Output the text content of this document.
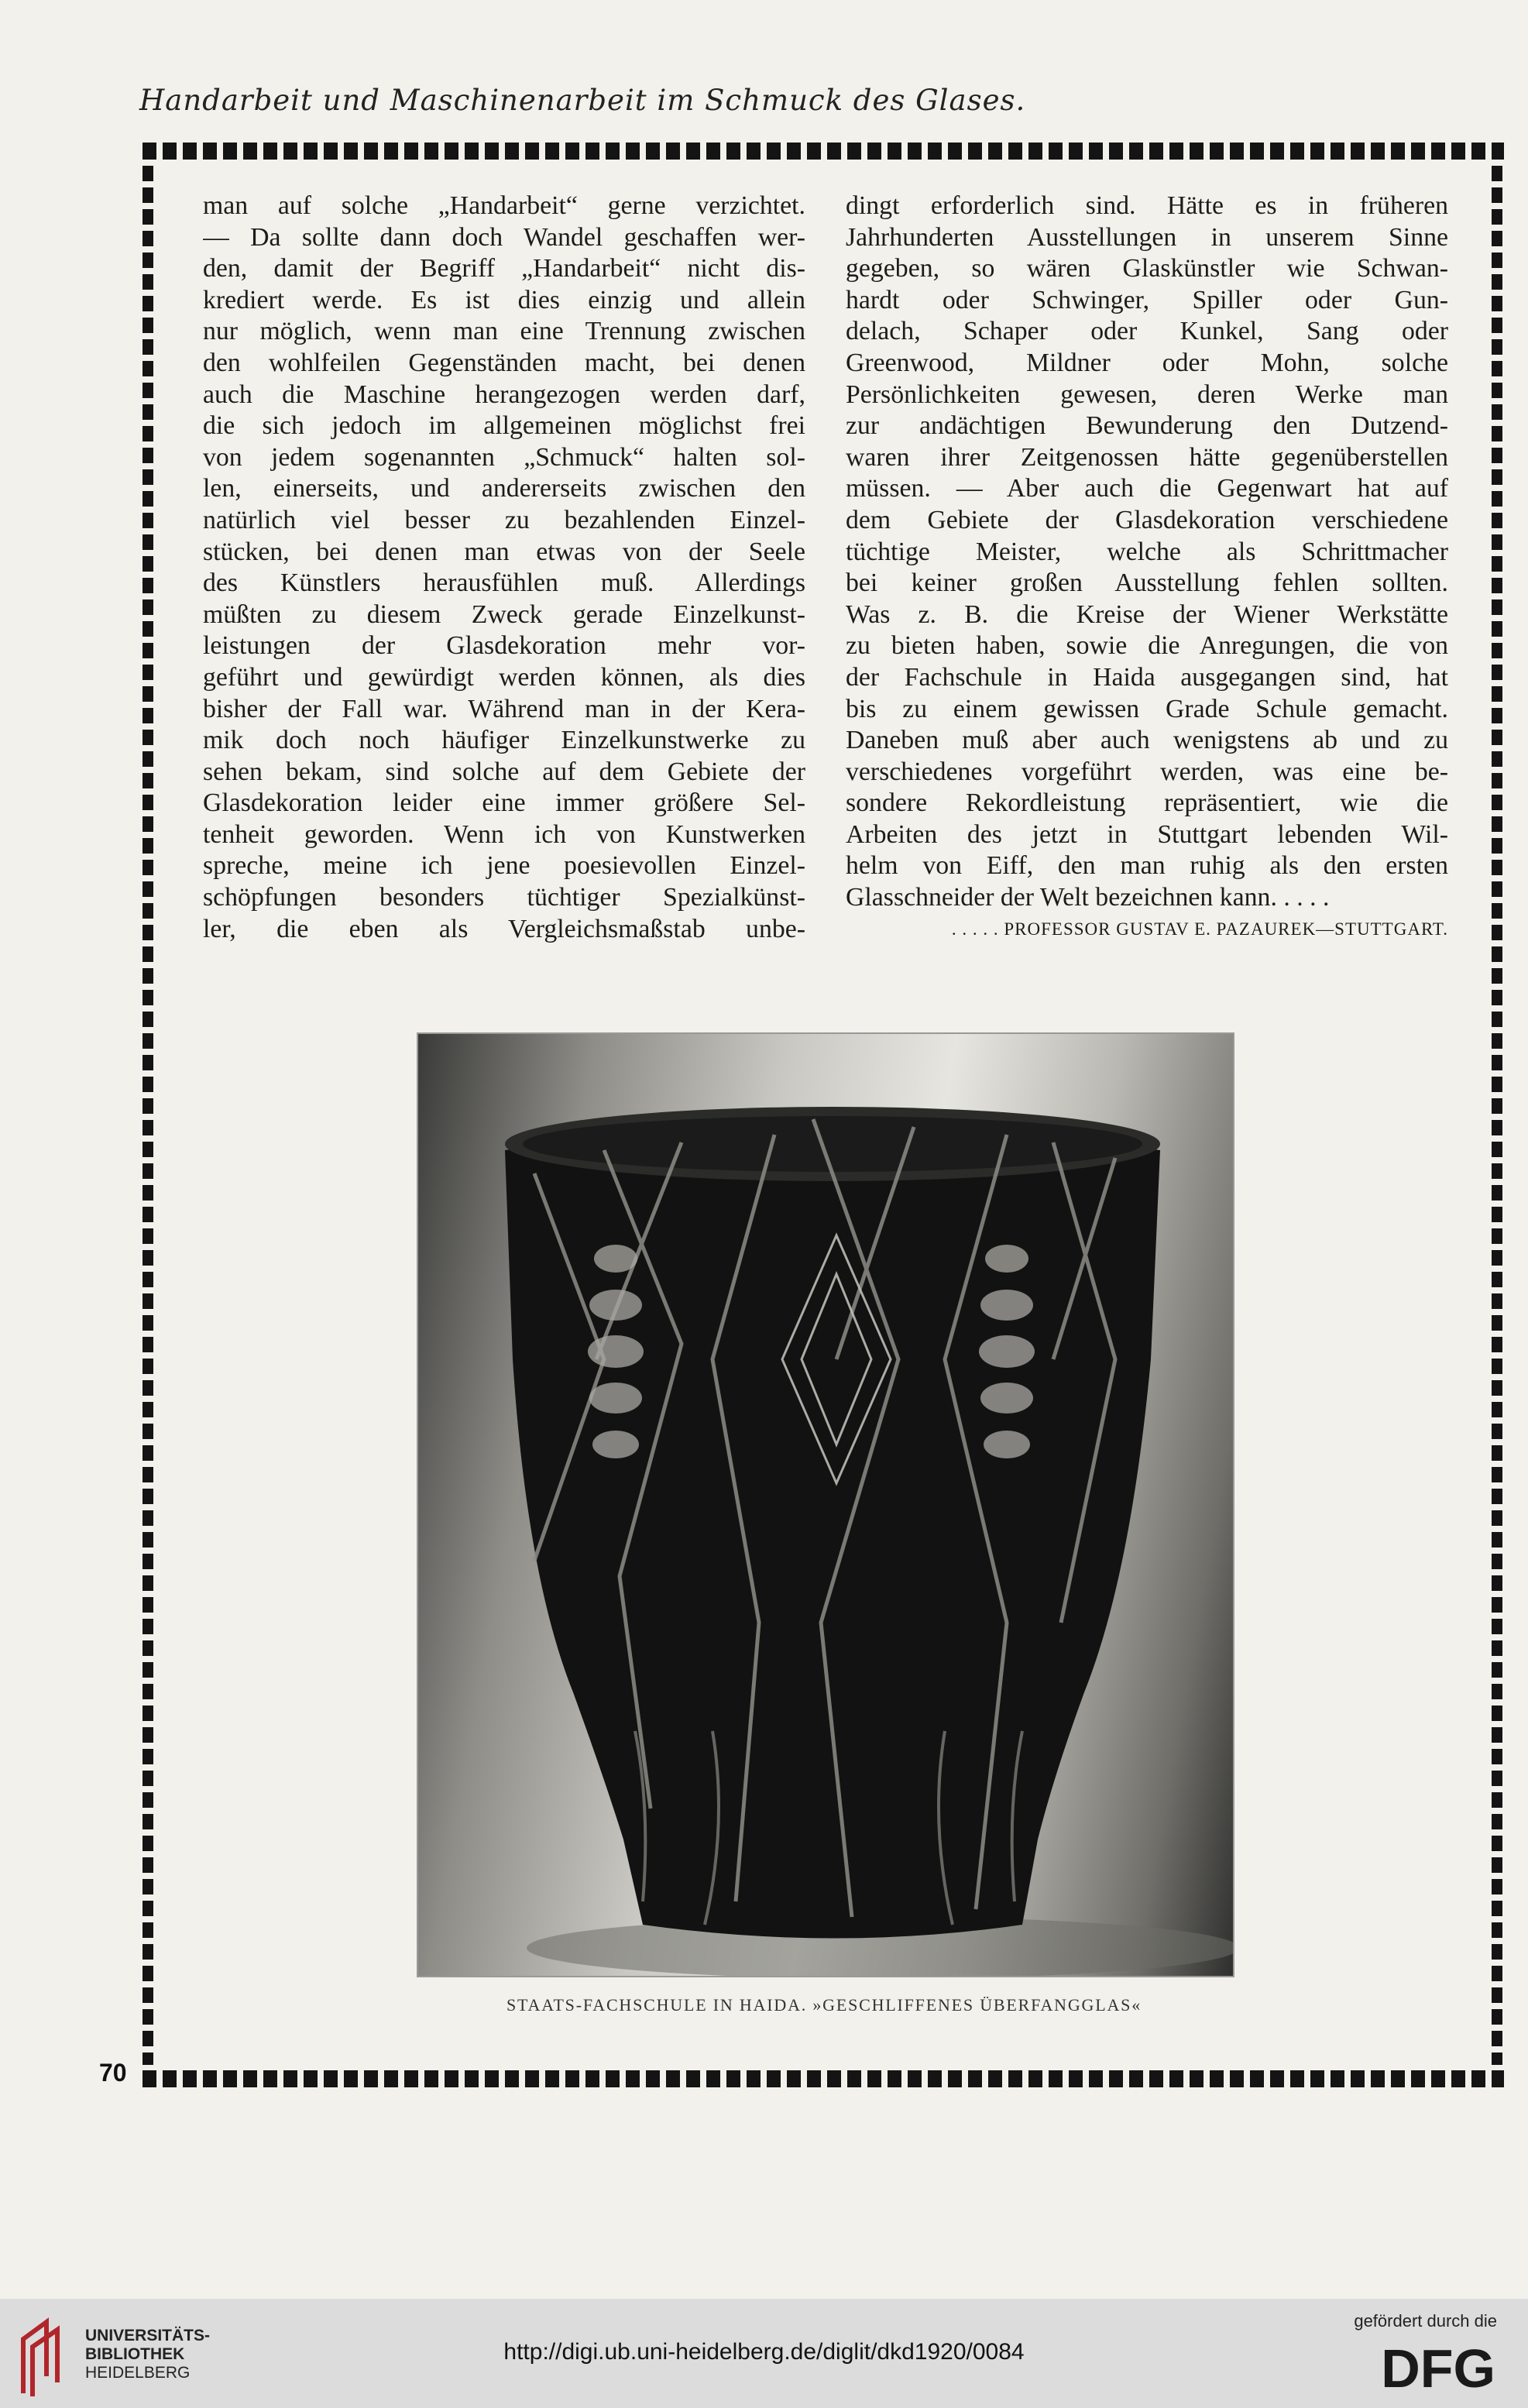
Handarbeit und Maschinenarbeit im Schmuck des Glases.
man auf solche „Handarbeit“ gerne verzichtet.
— Da sollte dann doch Wandel geschaffen wer-
den, damit der Begriff „Handarbeit“ nicht dis-
krediert werde. Es ist dies einzig und allein
nur möglich, wenn man eine Trennung zwischen
den wohlfeilen Gegenständen macht, bei denen
auch die Maschine herangezogen werden darf,
die sich jedoch im allgemeinen möglichst frei
von jedem sogenannten „Schmuck“ halten sol-
len, einerseits, und andererseits zwischen den
natürlich viel besser zu bezahlenden Einzel-
stücken, bei denen man etwas von der Seele
des Künstlers herausfühlen muß. Allerdings
müßten zu diesem Zweck gerade Einzelkunst-
leistungen der Glasdekoration mehr vor-
geführt und gewürdigt werden können, als dies
bisher der Fall war. Während man in der Kera-
mik doch noch häufiger Einzelkunstwerke zu
sehen bekam, sind solche auf dem Gebiete der
Glasdekoration leider eine immer größere Sel-
tenheit geworden. Wenn ich von Kunstwerken
spreche, meine ich jene poesievollen Einzel-
schöpfungen besonders tüchtiger Spezialkünst-
ler, die eben als Vergleichsmaßstab unbe-
dingt erforderlich sind. Hätte es in früheren
Jahrhunderten Ausstellungen in unserem Sinne
gegeben, so wären Glaskünstler wie Schwan-
hardt oder Schwinger, Spiller oder Gun-
delach, Schaper oder Kunkel, Sang oder
Greenwood, Mildner oder Mohn, solche
Persönlichkeiten gewesen, deren Werke man
zur andächtigen Bewunderung den Dutzend-
waren ihrer Zeitgenossen hätte gegenüberstellen
müssen. — Aber auch die Gegenwart hat auf
dem Gebiete der Glasdekoration verschiedene
tüchtige Meister, welche als Schrittmacher
bei keiner großen Ausstellung fehlen sollten.
Was z. B. die Kreise der Wiener Werkstätte
zu bieten haben, sowie die Anregungen, die von
der Fachschule in Haida ausgegangen sind, hat
bis zu einem gewissen Grade Schule gemacht.
Daneben muß aber auch wenigstens ab und zu
verschiedenes vorgeführt werden, was eine be-
sondere Rekordleistung repräsentiert, wie die
Arbeiten des jetzt in Stuttgart lebenden Wil-
helm von Eiff, den man ruhig als den ersten
Glasschneider der Welt bezeichnen kann. . . . .
. . . . . PROFESSOR GUSTAV E. PAZAUREK—STUTTGART.
STAATS-FACHSCHULE IN HAIDA. »GESCHLIFFENES ÜBERFANGGLAS«
70
UNIVERSITÄTS-
BIBLIOTHEK
HEIDELBERG
http://digi.ub.uni-heidelberg.de/diglit/dkd1920/0084
gefördert durch die
DFG
